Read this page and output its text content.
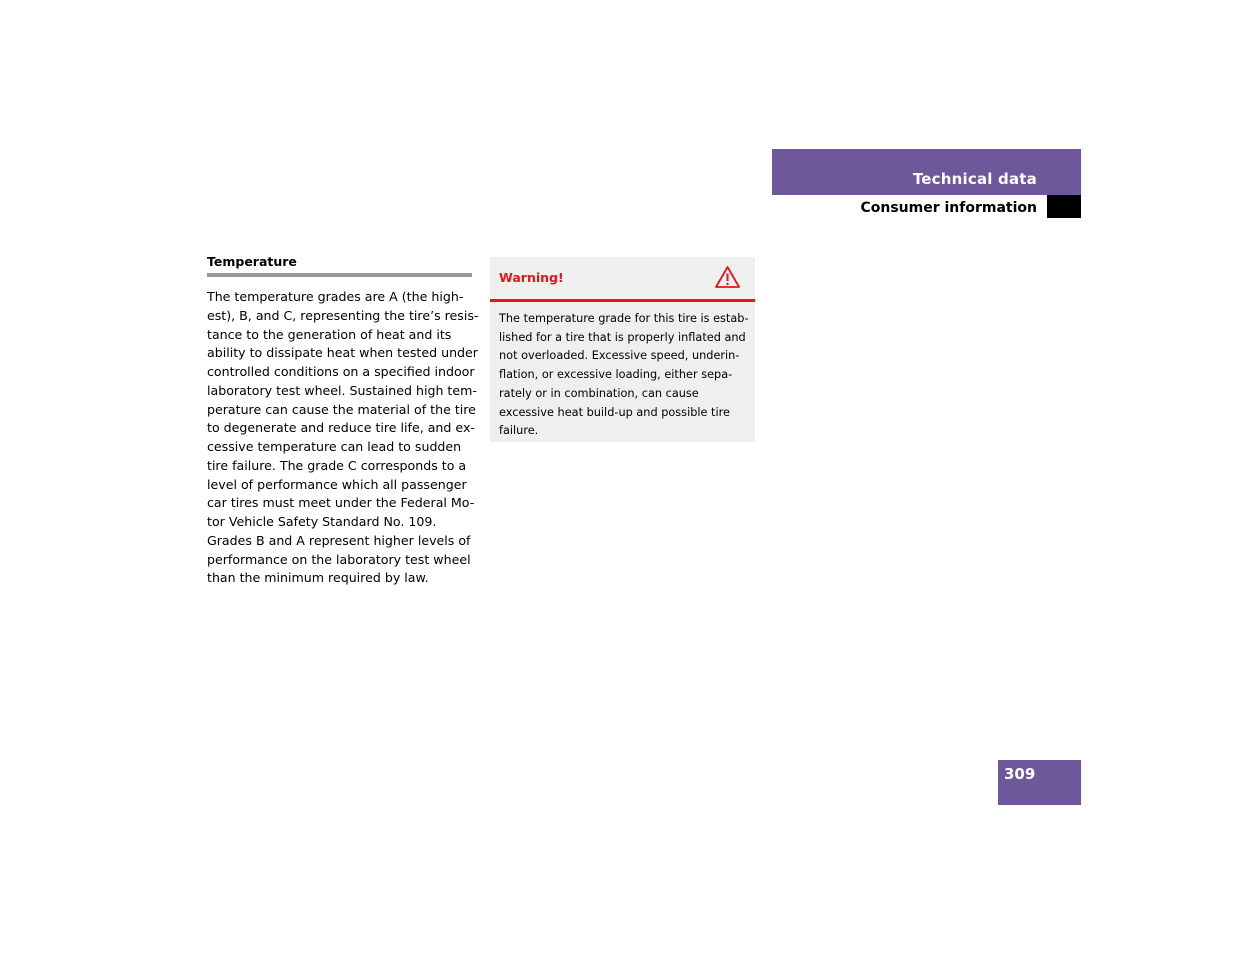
Technical data
Consumer information
Temperature
The temperature grades are A (the high-
est), B, and C, representing the tire’s resis-
tance to the generation of heat and its
ability to dissipate heat when tested under
controlled conditions on a specified indoor
laboratory test wheel. Sustained high tem-
perature can cause the material of the tire
to degenerate and reduce tire life, and ex-
cessive temperature can lead to sudden
tire failure. The grade C corresponds to a
level of performance which all passenger
car tires must meet under the Federal Mo-
tor Vehicle Safety Standard No. 109.
Grades B and A represent higher levels of
performance on the laboratory test wheel
than the minimum required by law.
Warning!
The temperature grade for this tire is estab-
lished for a tire that is properly inflated and
not overloaded. Excessive speed, underin-
flation, or excessive loading, either sepa-
rately or in combination, can cause
excessive heat build-up and possible tire
failure.
309
